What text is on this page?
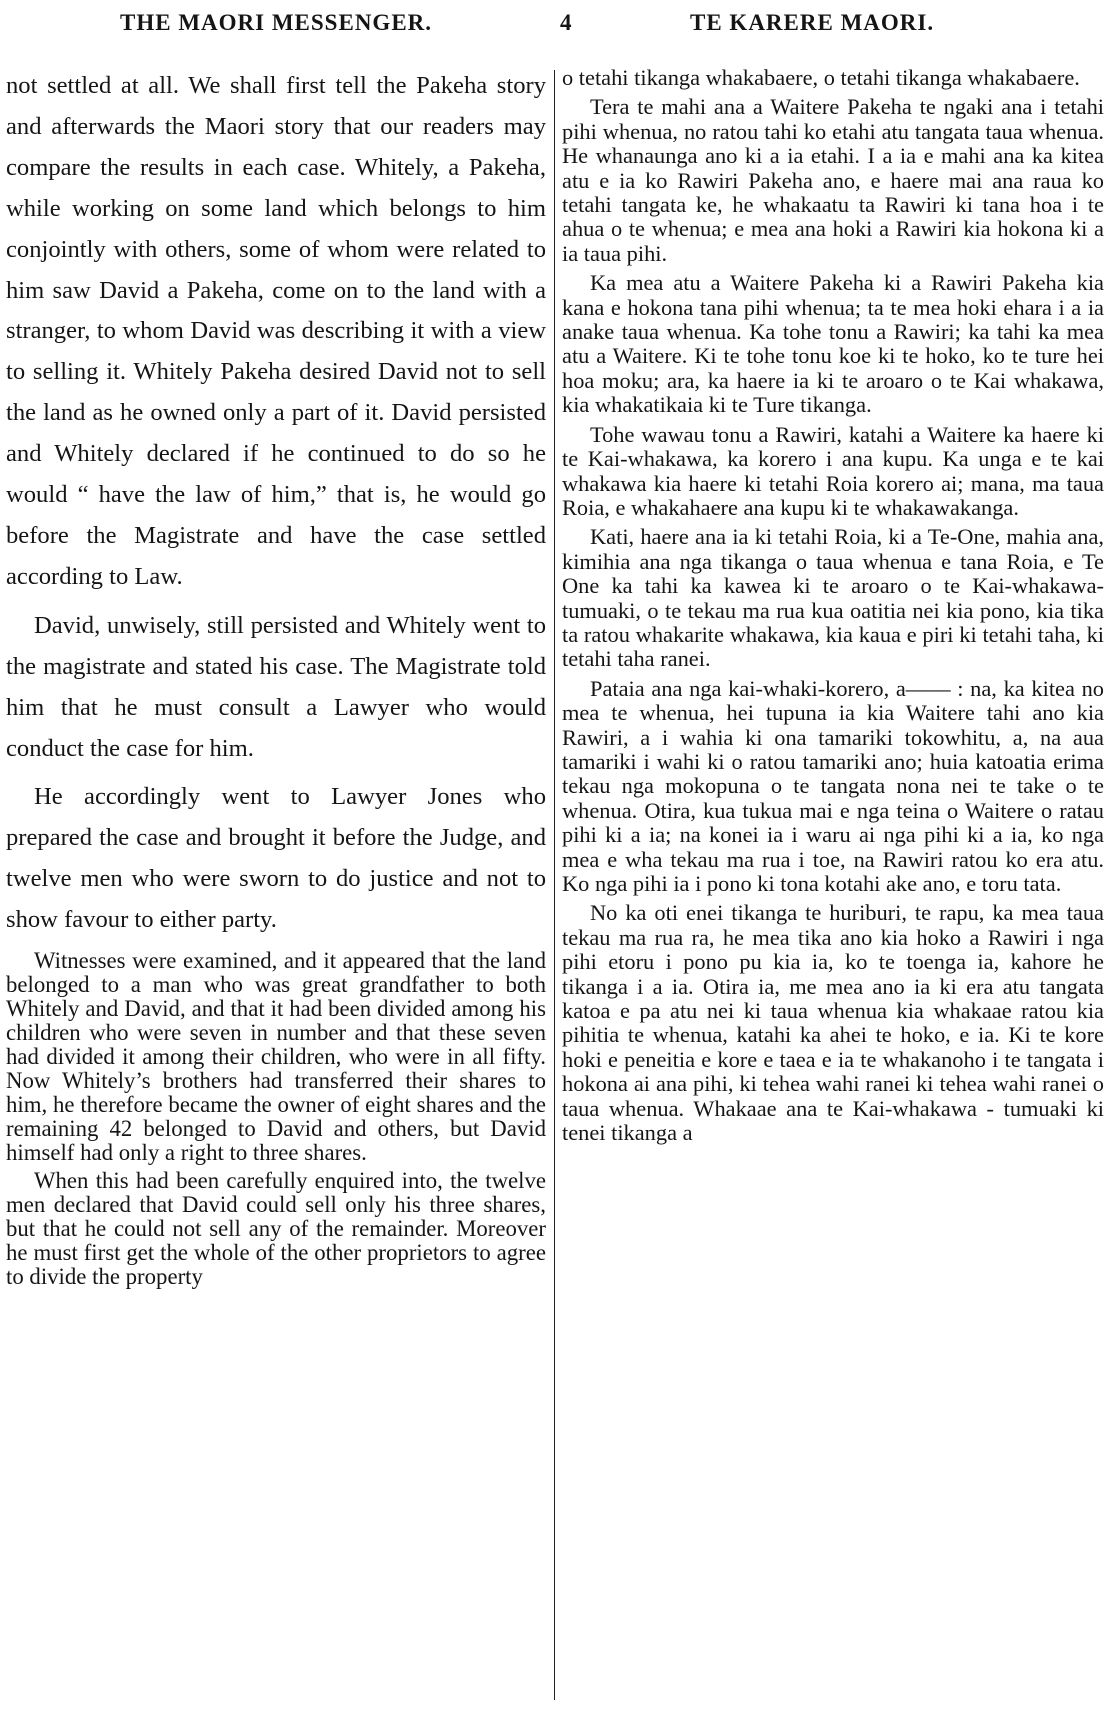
THE MAORI MESSENGER.	4	TE KARERE MAORI.

not settled at all. We shall first tell the Pakeha story and afterwards the Maori story that our readers may compare the results in each case. Whitely, a Pakeha, while working on some land which belongs to him conjointly with others, some of whom were related to him saw David a Pakeha, come on to the land with a stranger, to whom David was describing it with a view to selling it. Whitely Pakeha desired David not to sell the land as he owned only a part of it. David persisted and Whitely declared if he continued to do so he would “ have the law of him,” that is, he would go before the Magistrate and have the case settled according to Law.

David, unwisely, still persisted and Whitely went to the magistrate and stated his case. The Magistrate told him that he must consult a Lawyer who would conduct the case for him.

He accordingly went to Lawyer Jones who prepared the case and brought it before the Judge, and twelve men who were sworn to do justice and not to show favour to either party.

Witnesses were examined, and it appeared that the land belonged to a man who was great grandfather to both Whitely and David, and that it had been divided among his children who were seven in number and that these seven had divided it among their children, who were in all fifty. Now Whitely’s brothers had transferred their shares to him, he therefore became the owner of eight shares and the remaining 42 belonged to David and others, but David himself had only a right to three shares.

When this had been carefully enquired into, the twelve men declared that David could sell only his three shares, but that he could not sell any of the remainder. Moreover he must first get the whole of the other proprietors to agree to divide the property

o tetahi tikanga whakabaere, o tetahi tikanga whakabaere.

Tera te mahi ana a Waitere Pakeha te ngaki ana i tetahi pihi whenua, no ratou tahi ko etahi atu tangata taua whenua. He whanaunga ano ki a ia etahi. I a ia e mahi ana ka kitea atu e ia ko Rawiri Pakeha ano, e haere mai ana raua ko tetahi tangata ke, he whakaatu ta Rawiri ki tana hoa i te ahua o te whenua; e mea ana hoki a Rawiri kia hokona ki a ia taua pihi.

Ka mea atu a Waitere Pakeha ki a Rawiri Pakeha kia kana e hokona tana pihi whenua; ta te mea hoki ehara i a ia anake taua whenua. Ka tohe tonu a Rawiri; ka tahi ka mea atu a Waitere. Ki te tohe tonu koe ki te hoko, ko te ture hei hoa moku; ara, ka haere ia ki te aroaro o te Kai whakawa, kia whakatikaia ki te Ture tikanga.

Tohe wawau tonu a Rawiri, katahi a Waitere ka haere ki te Kai-whakawa, ka korero i ana kupu. Ka unga e te kai whakawa kia haere ki tetahi Roia korero ai; mana, ma taua Roia, e whakahaere ana kupu ki te whakawakanga.

Kati, haere ana ia ki tetahi Roia, ki a Te-One, mahia ana, kimihia ana nga tikanga o taua whenua e tana Roia, e Te One ka tahi ka kawea ki te aroaro o te Kai-whakawa-tumuaki, o te tekau ma rua kua oatitia nei kia pono, kia tika ta ratou whakarite whakawa, kia kaua e piri ki tetahi taha, ki tetahi taha ranei.

Pataia ana nga kai-whaki-korero, a—— : na, ka kitea no mea te whenua, hei tupuna ia kia Waitere tahi ano kia Rawiri, a i wahia ki ona tamariki tokowhitu, a, na aua tamariki i wahi ki o ratou tamariki ano; huia katoatia erima tekau nga mokopuna o te tangata nona nei te take o te whenua. Otira, kua tukua mai e nga teina o Waitere o ratau pihi ki a ia; na konei ia i waru ai nga pihi ki a ia, ko nga mea e wha tekau ma rua i toe, na Rawiri ratou ko era atu. Ko nga pihi ia i pono ki tona kotahi ake ano, e toru tata.

No ka oti enei tikanga te huriburi, te rapu, ka mea taua tekau ma rua ra, he mea tika ano kia hoko a Rawiri i nga pihi etoru i pono pu kia ia, ko te toenga ia, kahore he tikanga i a ia. Otira ia, me mea ano ia ki era atu tangata katoa e pa atu nei ki taua whenua kia whakaae ratou kia pihitia te whenua, katahi ka ahei te hoko, e ia. Ki te kore hoki e peneitia e kore e taea e ia te whakanoho i te tangata i hokona ai ana pihi, ki tehea wahi ranei ki tehea wahi ranei o taua whenua. Whakaae ana te Kai-whakawa - tumuaki ki tenei tikanga a
